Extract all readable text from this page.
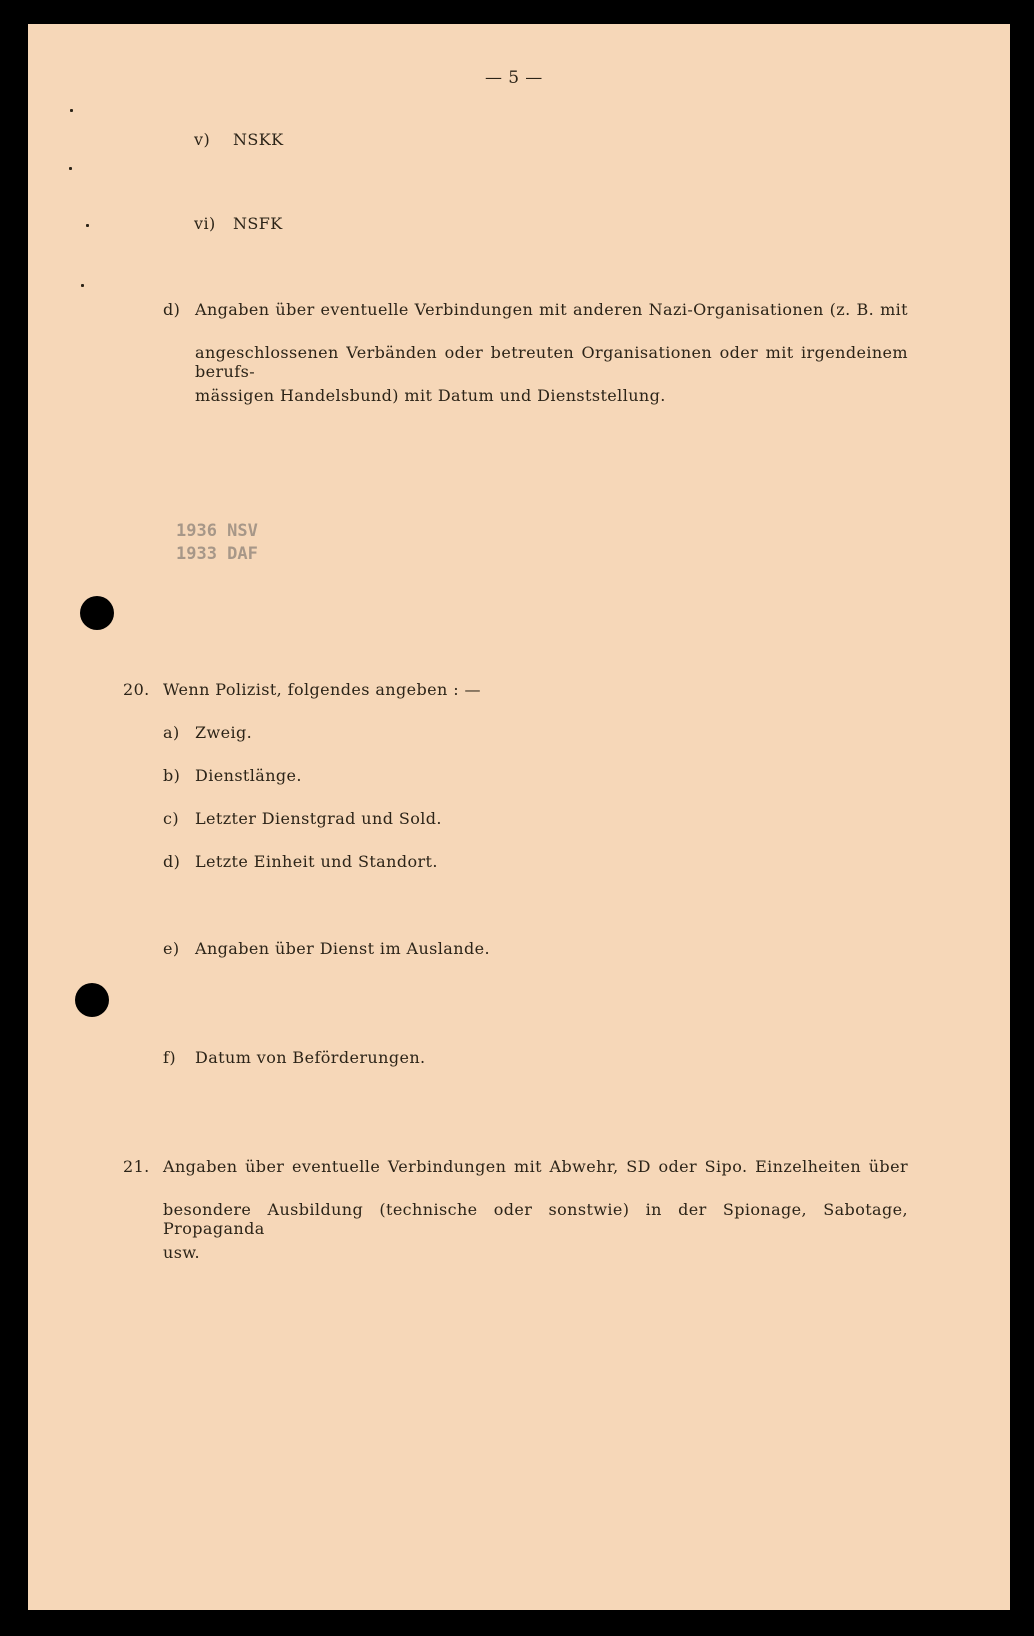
— 5 —
v) NSKK
vi) NSFK
d) Angaben über eventuelle Verbindungen mit anderen Nazi-Organisationen (z. B. mit
angeschlossenen Verbänden oder betreuten Organisationen oder mit irgendeinem berufs-
mässigen Handelsbund) mit Datum und Dienststellung.
1936 NSV
1933 DAF
20. Wenn Polizist, folgendes angeben : —
a) Zweig.
b) Dienstlänge.
c) Letzter Dienstgrad und Sold.
d) Letzte Einheit und Standort.
e) Angaben über Dienst im Auslande.
f) Datum von Beförderungen.
21. Angaben über eventuelle Verbindungen mit Abwehr, SD oder Sipo. Einzelheiten über
besondere Ausbildung (technische oder sonstwie) in der Spionage, Sabotage, Propaganda
usw.
